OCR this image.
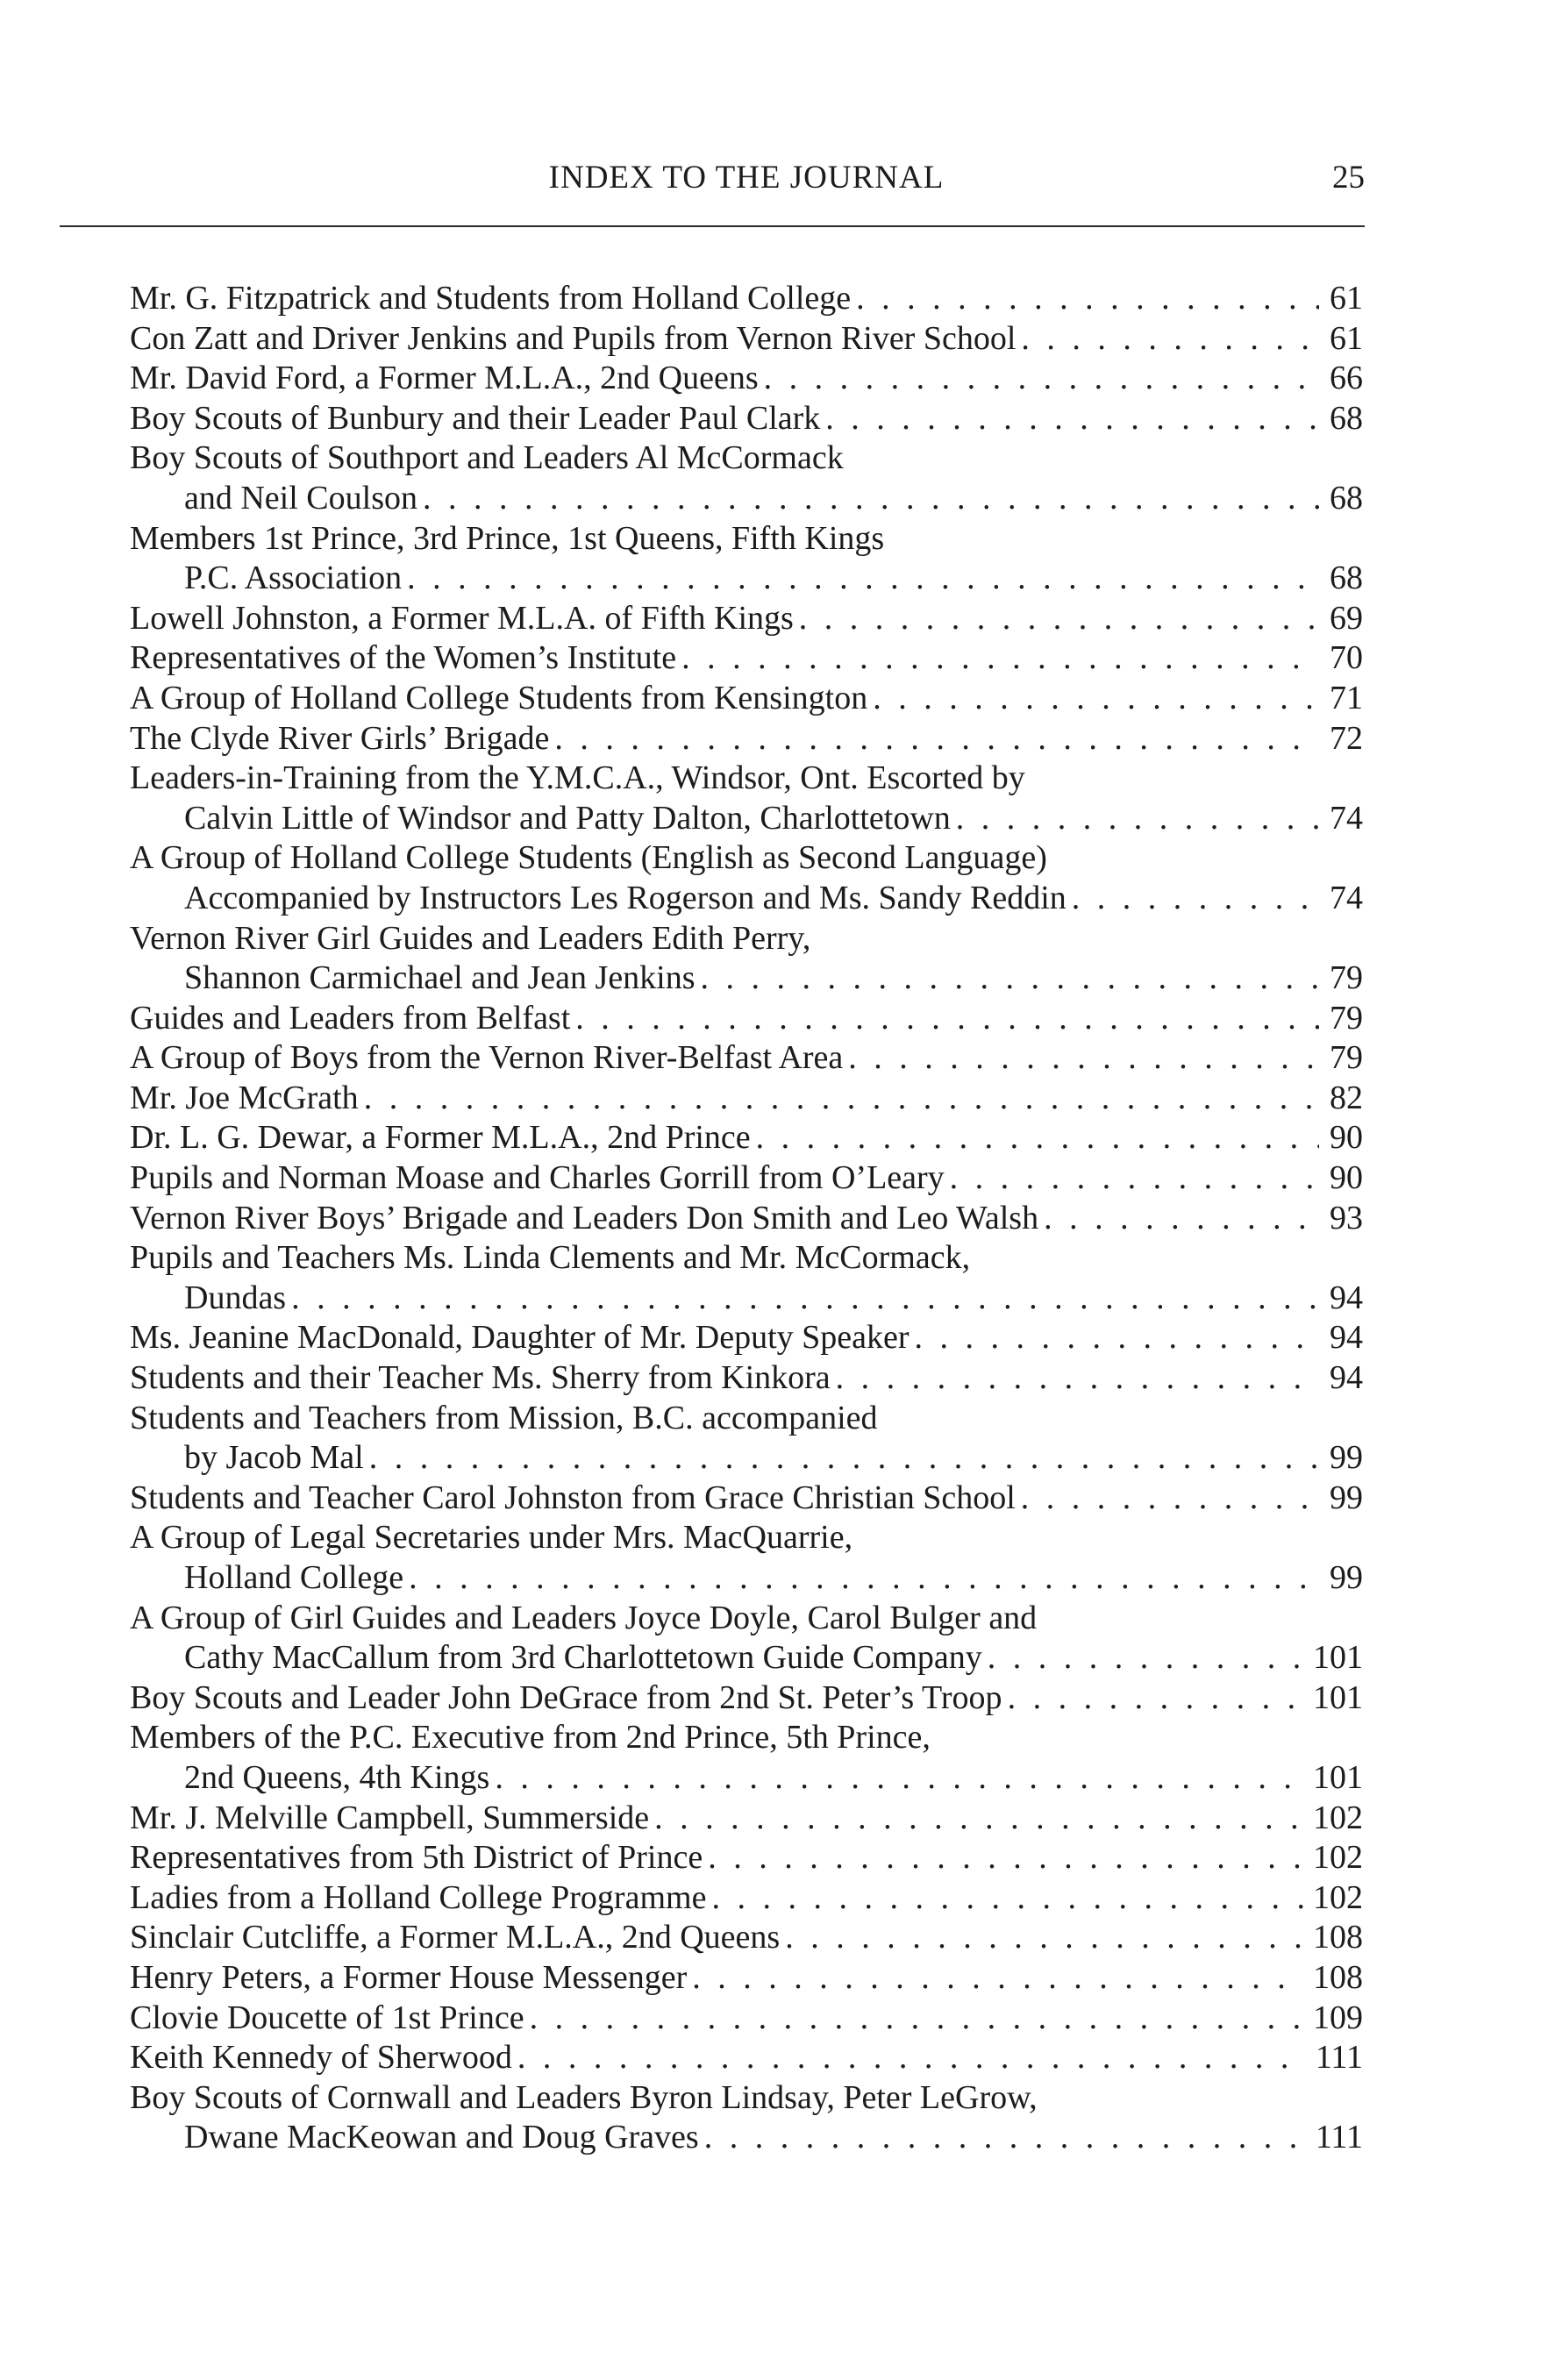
INDEX TO THE JOURNAL	25
Mr. G. Fitzpatrick and Students from Holland College . . .	61
Con Zatt and Driver Jenkins and Pupils from Vernon River School . . .	61
Mr. David Ford, a Former M.L.A., 2nd Queens . . .	66
Boy Scouts of Bunbury and their Leader Paul Clark . . .	68
Boy Scouts of Southport and Leaders Al McCormack
and Neil Coulson . . .	68
Members 1st Prince, 3rd Prince, 1st Queens, Fifth Kings
P.C. Association . . .	68
Lowell Johnston, a Former M.L.A. of Fifth Kings . . .	69
Representatives of the Women’s Institute . . .	70
A Group of Holland College Students from Kensington . . .	71
The Clyde River Girls’ Brigade . . .	72
Leaders-in-Training from the Y.M.C.A., Windsor, Ont. Escorted by
Calvin Little of Windsor and Patty Dalton, Charlottetown . . .	74
A Group of Holland College Students (English as Second Language)
Accompanied by Instructors Les Rogerson and Ms. Sandy Reddin . . .	74
Vernon River Girl Guides and Leaders Edith Perry,
Shannon Carmichael and Jean Jenkins . . .	79
Guides and Leaders from Belfast . . .	79
A Group of Boys from the Vernon River-Belfast Area . . .	79
Mr. Joe McGrath . . .	82
Dr. L. G. Dewar, a Former M.L.A., 2nd Prince . . .	90
Pupils and Norman Moase and Charles Gorrill from O’Leary . . .	90
Vernon River Boys’ Brigade and Leaders Don Smith and Leo Walsh . . .	93
Pupils and Teachers Ms. Linda Clements and Mr. McCormack,
Dundas . . .	94
Ms. Jeanine MacDonald, Daughter of Mr. Deputy Speaker . . .	94
Students and their Teacher Ms. Sherry from Kinkora . . .	94
Students and Teachers from Mission, B.C. accompanied
by Jacob Mal . . .	99
Students and Teacher Carol Johnston from Grace Christian School . . .	99
A Group of Legal Secretaries under Mrs. MacQuarrie,
Holland College . . .	99
A Group of Girl Guides and Leaders Joyce Doyle, Carol Bulger and
Cathy MacCallum from 3rd Charlottetown Guide Company . . .	101
Boy Scouts and Leader John DeGrace from 2nd St. Peter’s Troop . . .	101
Members of the P.C. Executive from 2nd Prince, 5th Prince,
2nd Queens, 4th Kings . . .	101
Mr. J. Melville Campbell, Summerside . . .	102
Representatives from 5th District of Prince . . .	102
Ladies from a Holland College Programme . . .	102
Sinclair Cutcliffe, a Former M.L.A., 2nd Queens . . .	108
Henry Peters, a Former House Messenger . . .	108
Clovie Doucette of 1st Prince . . .	109
Keith Kennedy of Sherwood . . .	111
Boy Scouts of Cornwall and Leaders Byron Lindsay, Peter LeGrow,
Dwane MacKeowan and Doug Graves . . .	111
